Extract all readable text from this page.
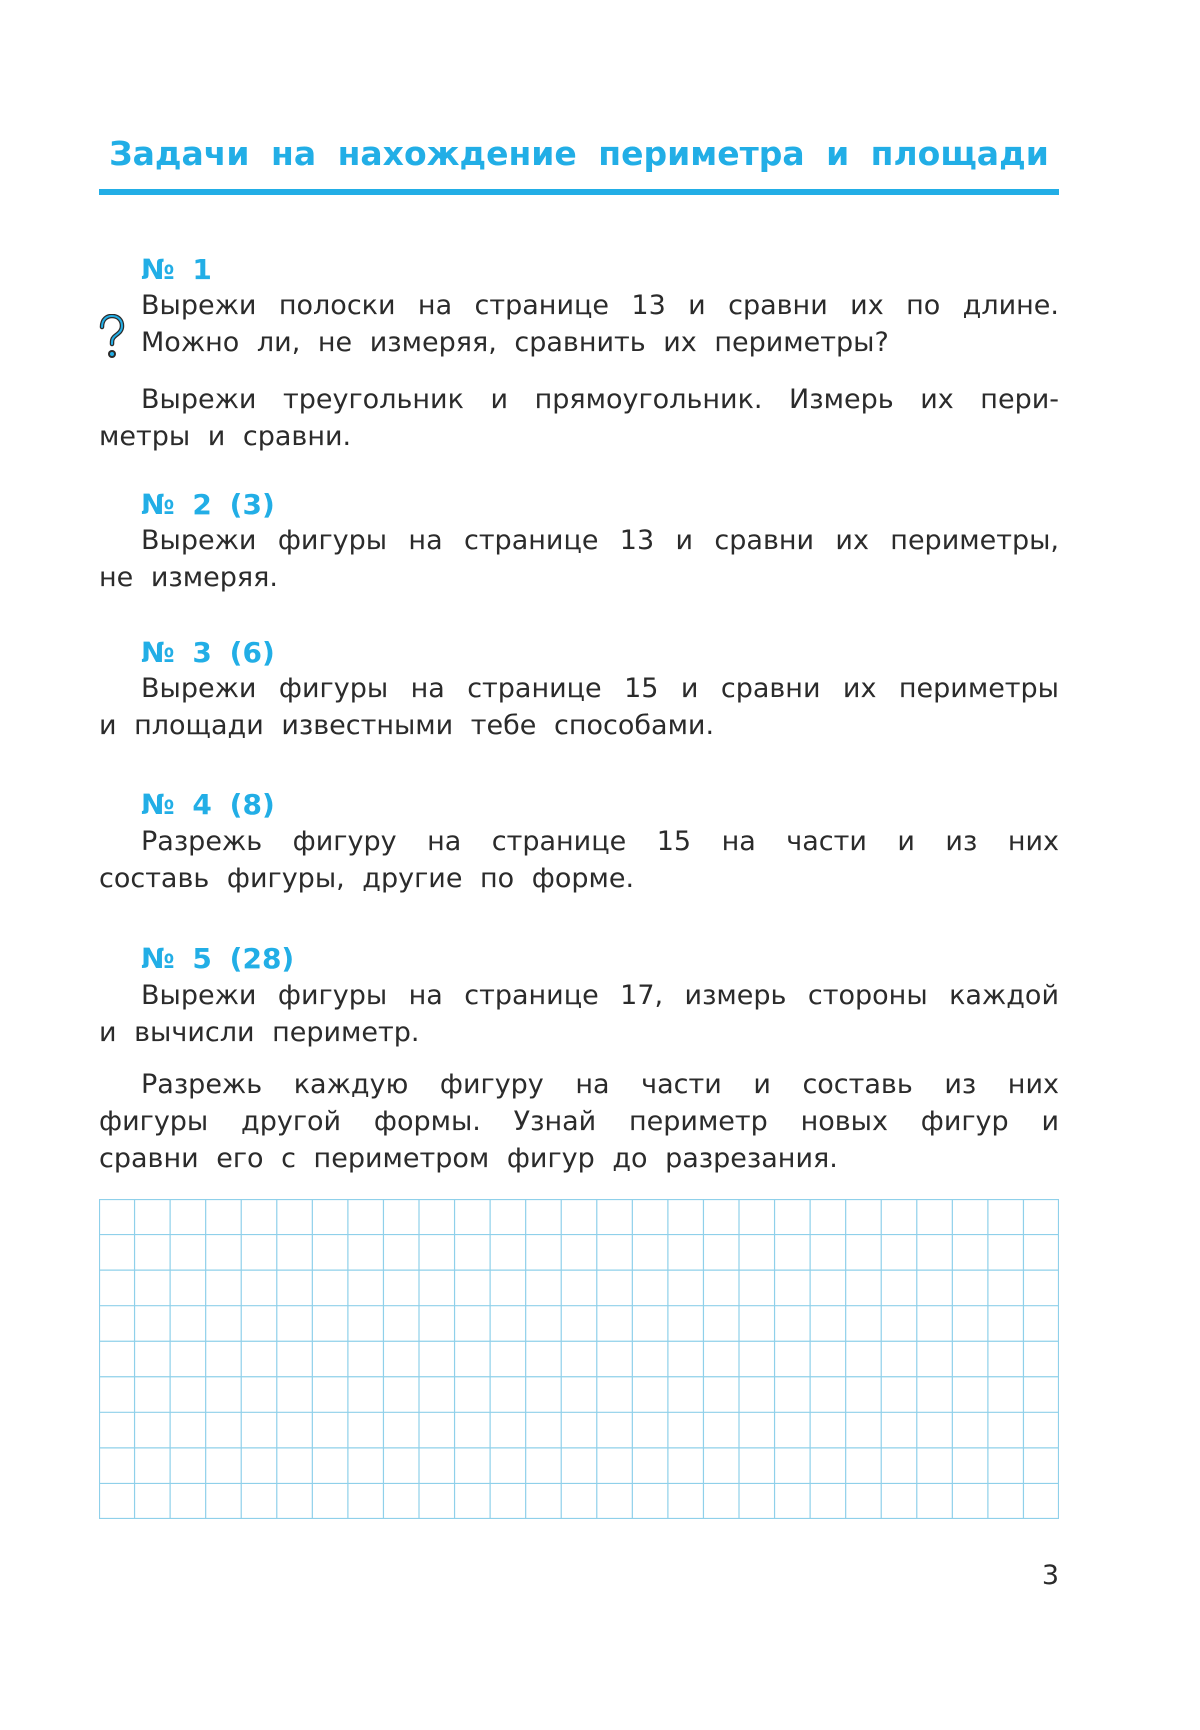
Задачи на нахождение периметра и площади
№ 1
Вырежи полоски на странице 13 и сравни их по длине.
Можно ли, не измеряя, сравнить их периметры?
Вырежи треугольник и прямоугольник. Измерь их пери-
метры и сравни.
№ 2 (3)
Вырежи фигуры на странице 13 и сравни их периметры,
не измеряя.
№ 3 (6)
Вырежи фигуры на странице 15 и сравни их периметры
и площади известными тебе способами.
№ 4 (8)
Разрежь фигуру на странице 15 на части и из них
составь фигуры, другие по форме.
№ 5 (28)
Вырежи фигуры на странице 17, измерь стороны каждой
и вычисли периметр.
Разрежь каждую фигуру на части и составь из них
фигуры другой формы. Узнай периметр новых фигур и
сравни его с периметром фигур до разрезания.
3
